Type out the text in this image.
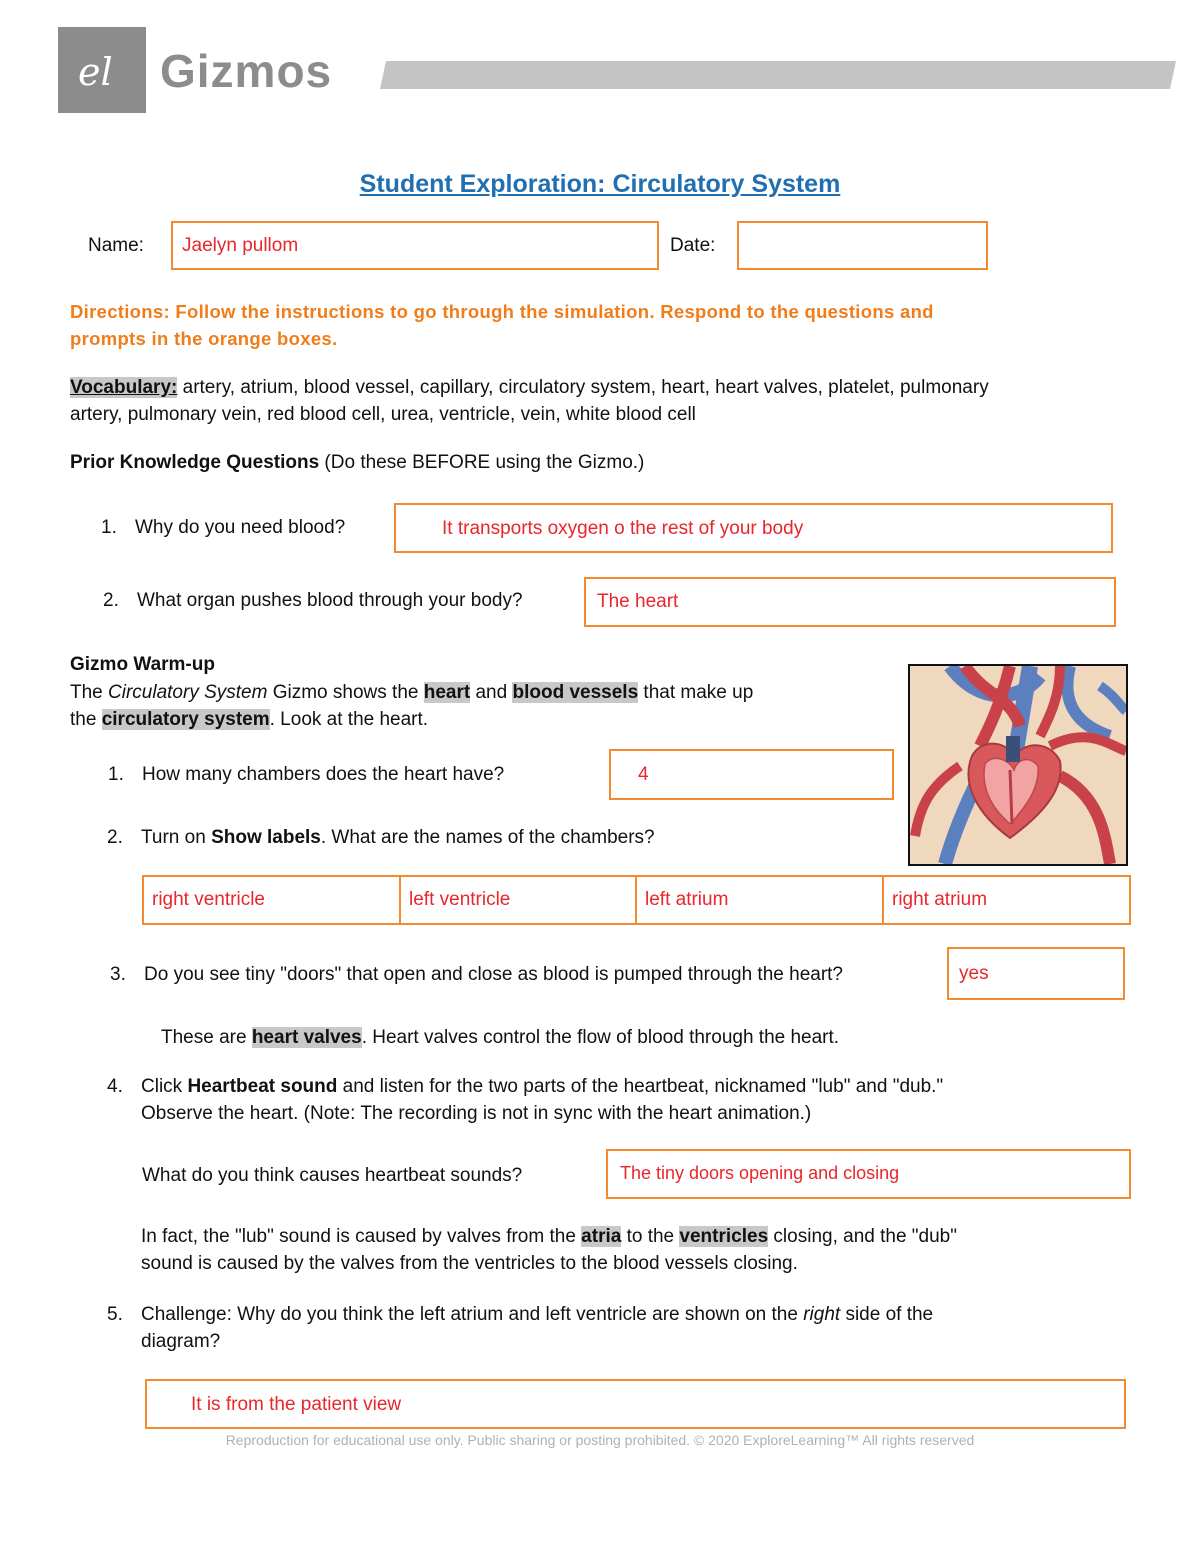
el Gizmos
Student Exploration: Circulatory System
Name:	Jaelyn pullom	Date:
Directions: Follow the instructions to go through the simulation. Respond to the questions and
prompts in the orange boxes.
Vocabulary: artery, atrium, blood vessel, capillary, circulatory system, heart, heart valves, platelet, pulmonary
artery, pulmonary vein, red blood cell, urea, ventricle, vein, white blood cell
Prior Knowledge Questions (Do these BEFORE using the Gizmo.)
1. Why do you need blood?	It transports oxygen o the rest of your body
2. What organ pushes blood through your body?	The heart
Gizmo Warm-up
The Circulatory System Gizmo shows the heart and blood vessels that make up
the circulatory system. Look at the heart.
1. How many chambers does the heart have?	4
2. Turn on Show labels. What are the names of the chambers?
right ventricle	left ventricle	left atrium	right atrium
3. Do you see tiny "doors" that open and close as blood is pumped through the heart?	yes
These are heart valves. Heart valves control the flow of blood through the heart.
4. Click Heartbeat sound and listen for the two parts of the heartbeat, nicknamed "lub" and "dub."
Observe the heart. (Note: The recording is not in sync with the heart animation.)
What do you think causes heartbeat sounds?	The tiny doors opening and closing
In fact, the "lub" sound is caused by valves from the atria to the ventricles closing, and the "dub"
sound is caused by the valves from the ventricles to the blood vessels closing.
5. Challenge: Why do you think the left atrium and left ventricle are shown on the right side of the
diagram?
It is from the patient view
Reproduction for educational use only. Public sharing or posting prohibited. © 2020 ExploreLearning™ All rights reserved
